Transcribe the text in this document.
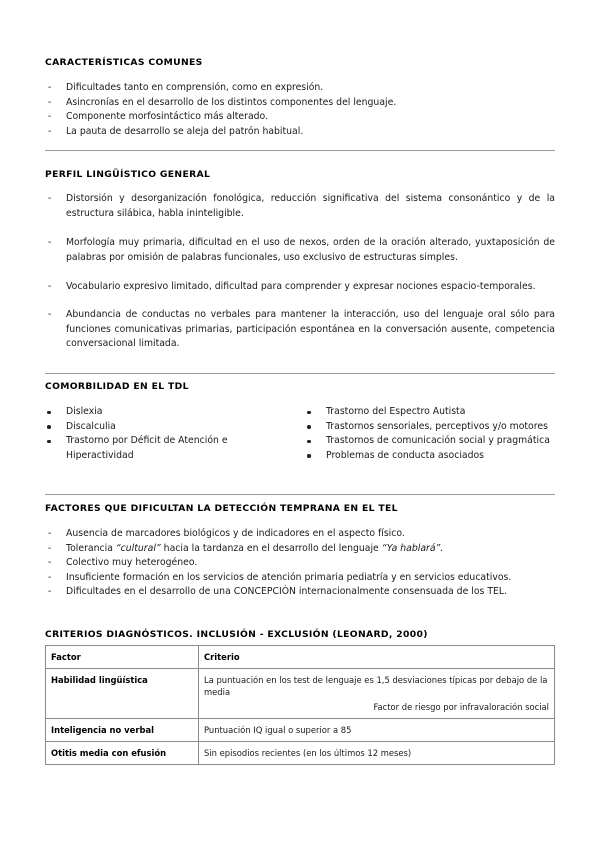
CARACTERÍSTICAS COMUNES
- Dificultades tanto en comprensión, como en expresión.
- Asincronías en el desarrollo de los distintos componentes del lenguaje.
- Componente morfosintáctico más alterado.
- La pauta de desarrollo se aleja del patrón habitual.
PERFIL LINGÜÍSTICO GENERAL
- Distorsión y desorganización fonológica, reducción significativa del sistema consonántico y de la estructura silábica, habla ininteligible.
- Morfología muy primaria, dificultad en el uso de nexos, orden de la oración alterado, yuxtaposición de palabras por omisión de palabras funcionales, uso exclusivo de estructuras simples.
- Vocabulario expresivo limitado, dificultad para comprender y expresar nociones espacio-temporales.
- Abundancia de conductas no verbales para mantener la interacción, uso del lenguaje oral sólo para funciones comunicativas primarias, participación espontánea en la conversación ausente, competencia conversacional limitada.
COMORBILIDAD EN EL TDL
Dislexia
Discalculia
Trastorno por Déficit de Atención e Hiperactividad
Trastorno del Espectro Autista
Trastornos sensoriales, perceptivos y/o motores
Trastornos de comunicación social y pragmática
Problemas de conducta asociados
FACTORES QUE DIFICULTAN LA DETECCIÓN TEMPRANA EN EL TEL
- Ausencia de marcadores biológicos y de indicadores en el aspecto físico.
- Tolerancia “cultural” hacia la tardanza en el desarrollo del lenguaje “Ya hablará”.
- Colectivo muy heterogéneo.
- Insuficiente formación en los servicios de atención primaria pediatría y en servicios educativos.
- Dificultades en el desarrollo de una CONCEPCIÓN internacionalmente consensuada de los TEL.
CRITERIOS DIAGNÓSTICOS. INCLUSIÓN - EXCLUSIÓN (LEONARD, 2000)
Factor	Criterio
Habilidad lingüística	La puntuación en los test de lenguaje es 1,5 desviaciones típicas por debajo de la media
Factor de riesgo por infravaloración social

Inteligencia no verbal	Puntuación IQ igual o superior a 85
Otitis media con efusión	Sin episodios recientes (en los últimos 12 meses)
